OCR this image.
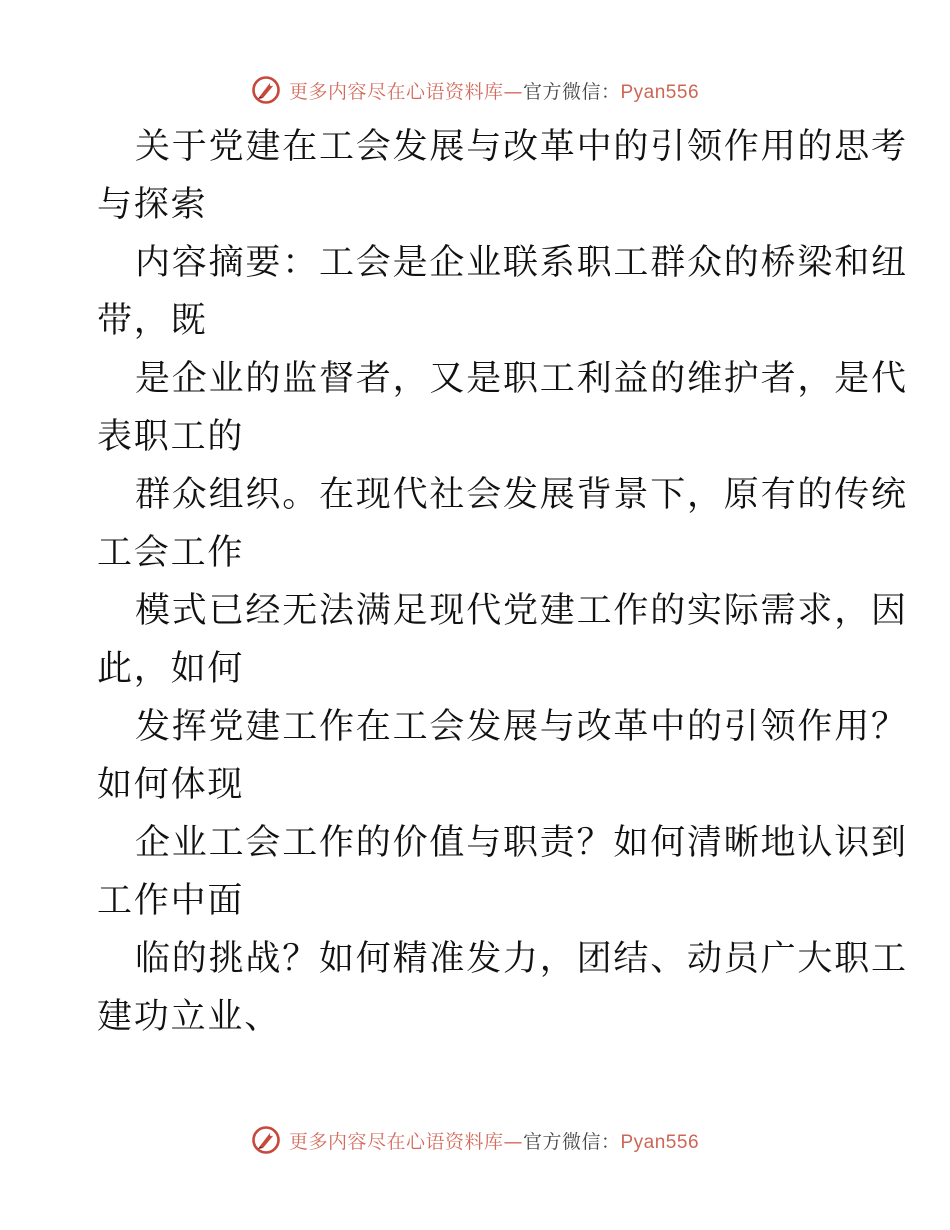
更多内容尽在心语资料库—官方微信：Pyan556
关于党建在工会发展与改革中的引领作用的思考
与探索
内容摘要：工会是企业联系职工群众的桥梁和纽
带，既
是企业的监督者，又是职工利益的维护者，是代
表职工的
群众组织。在现代社会发展背景下，原有的传统
工会工作
模式已经无法满足现代党建工作的实际需求，因
此，如何
发挥党建工作在工会发展与改革中的引领作用？
如何体现
企业工会工作的价值与职责？如何清晰地认识到
工作中面
临的挑战？如何精准发力，团结、动员广大职工
建功立业、
更多内容尽在心语资料库—官方微信：Pyan556
